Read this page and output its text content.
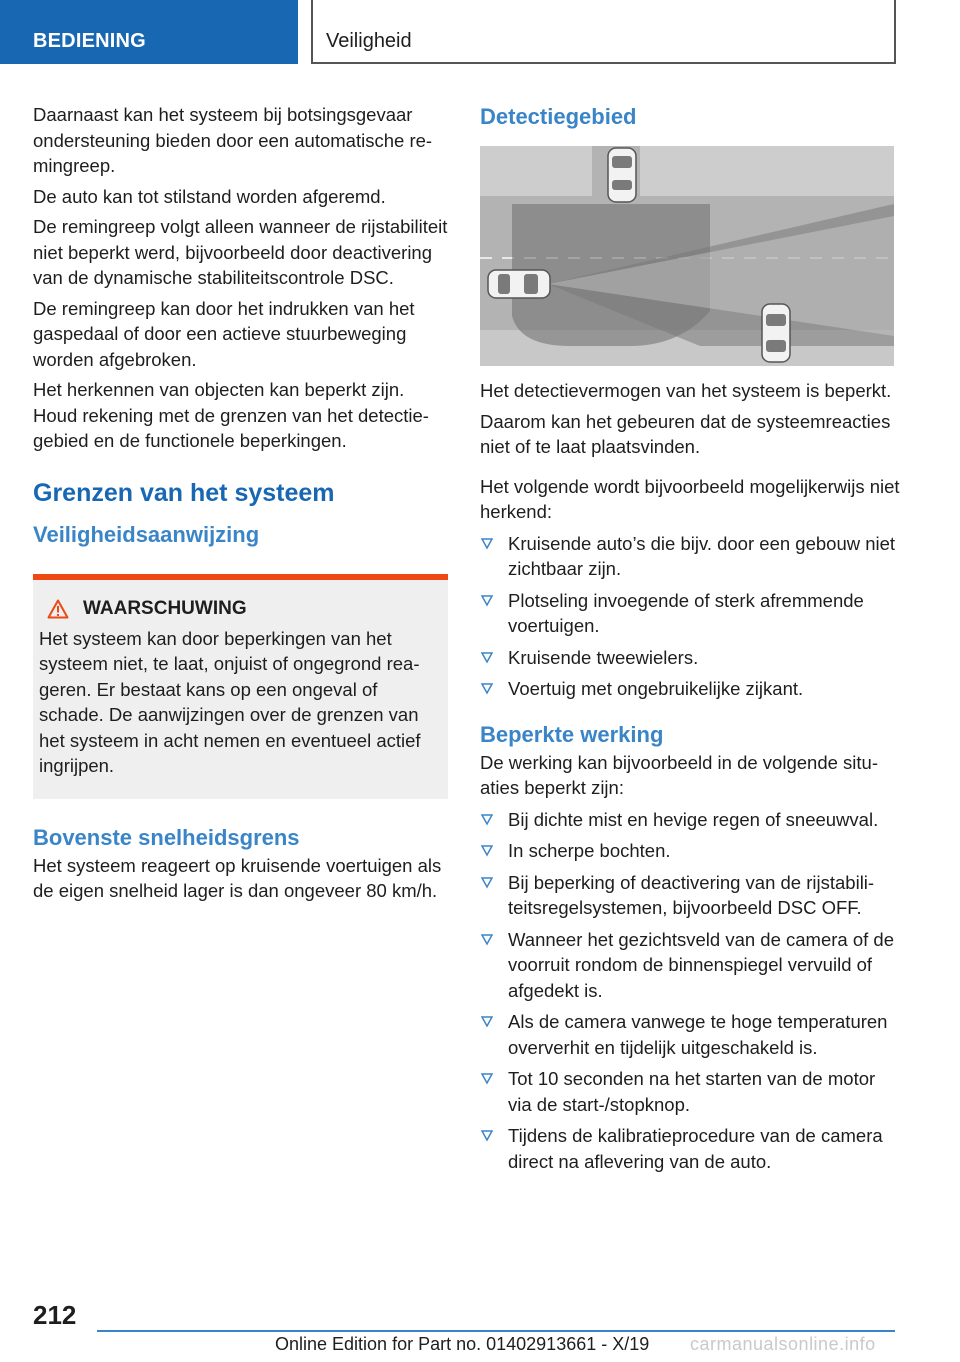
BEDIENING	Veiligheid

Daarnaast kan het systeem bij botsingsgevaar ondersteuning bieden door een automatische remingreep.

De auto kan tot stilstand worden afgeremd.

De remingreep volgt alleen wanneer de rijstabiliteit niet beperkt werd, bijvoorbeeld door deactivering van de dynamische stabiliteitscontrole DSC.

De remingreep kan door het indrukken van het gaspedaal of door een actieve stuurbeweging worden afgebroken.

Het herkennen van objecten kan beperkt zijn. Houd rekening met de grenzen van het detectiegebied en de functionele beperkingen.

Grenzen van het systeem
Veiligheidsaanwijzing
WAARSCHUWING

Het systeem kan door beperkingen van het systeem niet, te laat, onjuist of ongegrond reageren. Er bestaat kans op een ongeval of schade. De aanwijzingen over de grenzen van het systeem in acht nemen en eventueel actief ingrijpen.

Bovenste snelheidsgrens

Het systeem reageert op kruisende voertuigen als de eigen snelheid lager is dan ongeveer 80 km/h.

Detectiegebied

Het detectievermogen van het systeem is beperkt.

Daarom kan het gebeuren dat de systeemreacties niet of te laat plaatsvinden.

Het volgende wordt bijvoorbeeld mogelijkerwijs niet herkend:

Kruisende auto’s die bijv. door een gebouw niet zichtbaar zijn.
Plotseling invoegende of sterk afremmende voertuigen.
Kruisende tweewielers.
Voertuig met ongebruikelijke zijkant.
Beperkte werking

De werking kan bijvoorbeeld in de volgende situaties beperkt zijn:

Bij dichte mist en hevige regen of sneeuwval.
In scherpe bochten.
Bij beperking of deactivering van de rijstabiliteitsregelsystemen, bijvoorbeeld DSC OFF.
Wanneer het gezichtsveld van de camera of de voorruit rondom de binnenspiegel vervuild of afgedekt is.
Als de camera vanwege te hoge temperaturen oververhit en tijdelijk uitgeschakeld is.
Tot 10 seconden na het starten van de motor via de start-/stopknop.
Tijdens de kalibratieprocedure van de camera direct na aflevering van de auto.
212
Online Edition for Part no. 01402913661 - X/19 carmanualsonline.info
